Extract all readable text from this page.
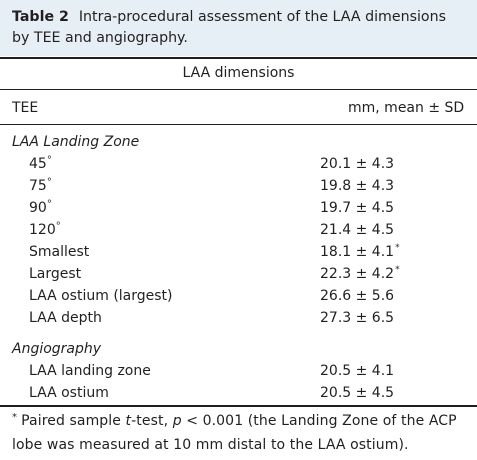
Table 2 Intra-procedural assessment of the LAA dimensions by TEE and angiography.
LAA dimensions
TEE	mm, mean ± SD
LAA Landing Zone
45°	20.1 ± 4.3
75°	19.8 ± 4.3
90°	19.7 ± 4.5
120°	21.4 ± 4.5
Smallest	18.1 ± 4.1*
Largest	22.3 ± 4.2*
LAA ostium (largest)	26.6 ± 5.6
LAA depth	27.3 ± 6.5
Angiography
LAA landing zone	20.5 ± 4.1
LAA ostium	20.5 ± 4.5
* Paired sample t-test, p < 0.001 (the Landing Zone of the ACP lobe was measured at 10 mm distal to the LAA ostium).
